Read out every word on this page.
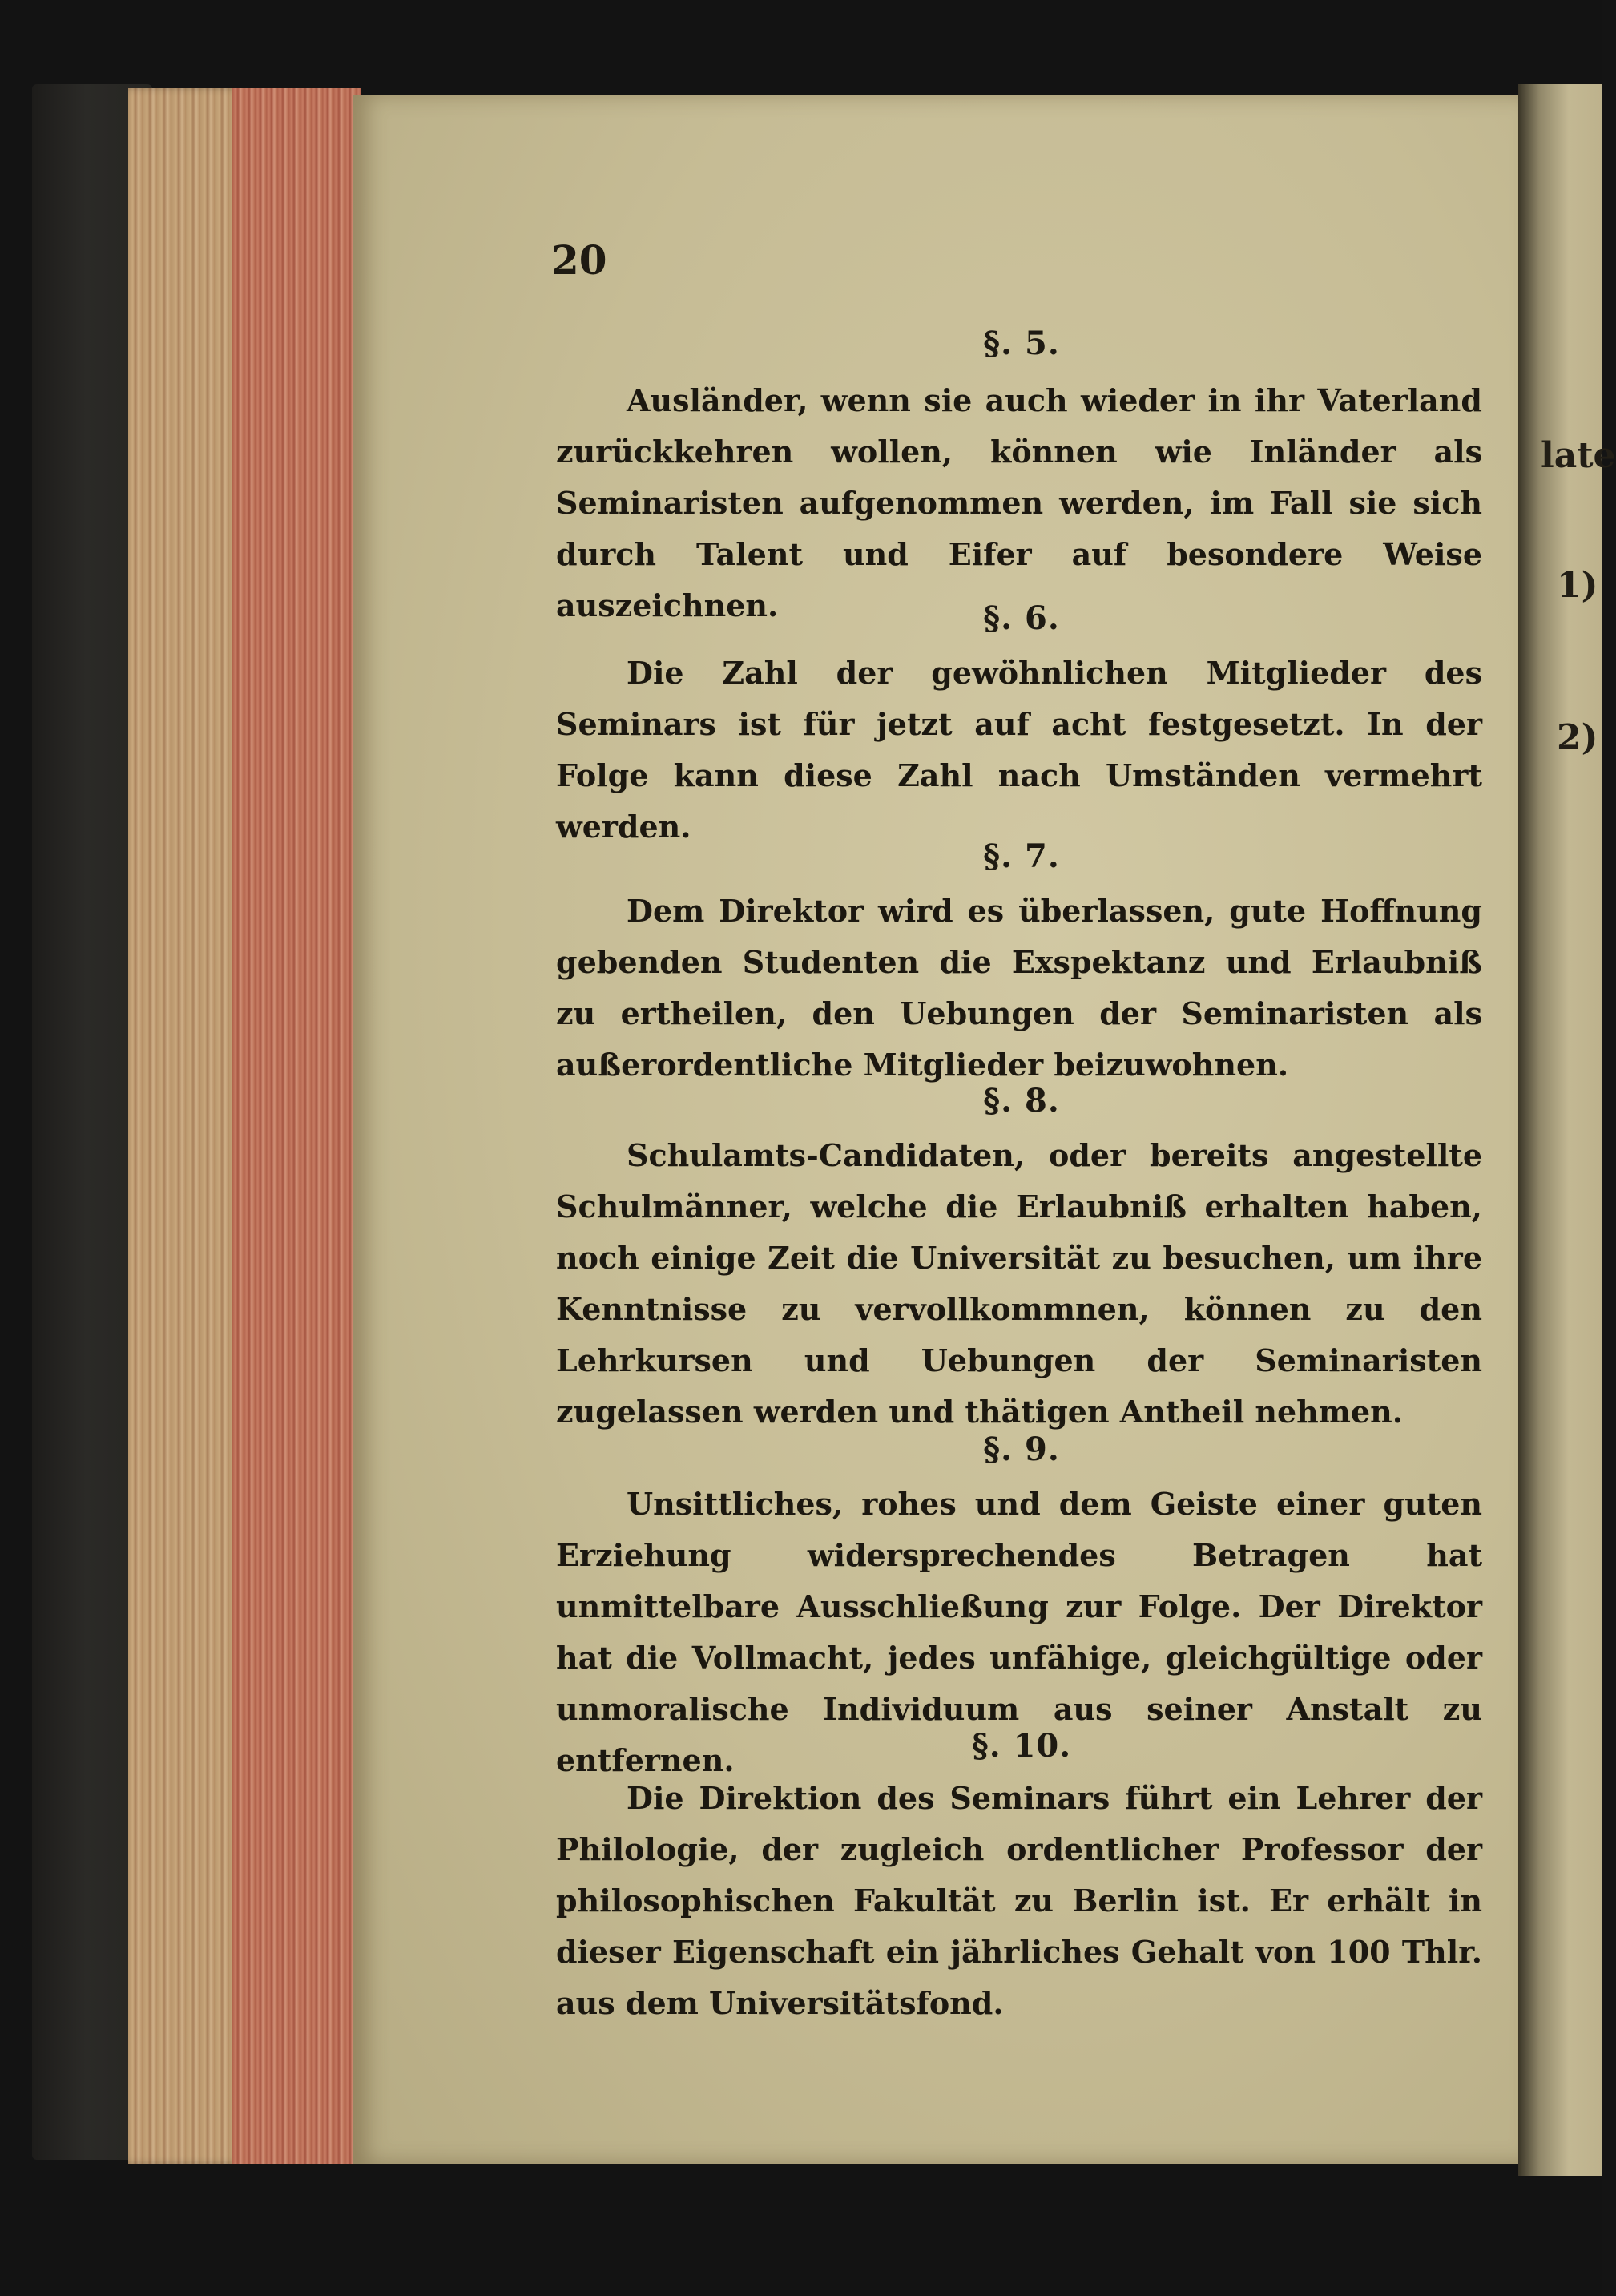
late
1)
2)
20
§. 5.
Ausländer, wenn sie auch wieder in ihr Vaterland zurückkehren wollen, können wie Inländer als Seminaristen aufgenommen werden, im Fall sie sich durch Talent und Eifer auf besondere Weise auszeichnen.	§. 6.
Die Zahl der gewöhnlichen Mitglieder des Seminars ist für jetzt auf acht festgesetzt. In der Folge kann diese Zahl nach Umständen vermehrt werden.
§. 7.
Dem Direktor wird es überlassen, gute Hoffnung gebenden Studenten die Exspektanz und Erlaubniß zu ertheilen, den Uebungen der Seminaristen als außerordentliche Mitglieder beizuwohnen.
§. 8.
Schulamts-Candidaten, oder bereits angestellte Schulmänner, welche die Erlaubniß erhalten haben, noch einige Zeit die Universität zu besuchen, um ihre Kenntnisse zu vervollkommnen, können zu den Lehrkursen und Uebungen der Seminaristen zugelassen werden und thätigen Antheil nehmen.
§. 9.
Unsittliches, rohes und dem Geiste einer guten Erziehung widersprechendes Betragen hat unmittelbare Ausschließung zur Folge. Der Direktor hat die Vollmacht, jedes unfähige, gleichgültige oder unmoralische Individuum aus seiner Anstalt zu entfernen.	§. 10.
Die Direktion des Seminars führt ein Lehrer der Philologie, der zugleich ordentlicher Professor der philosophischen Fakultät zu Berlin ist. Er erhält in dieser Eigenschaft ein jährliches Gehalt von 100 Thlr. aus dem Universitätsfond.
